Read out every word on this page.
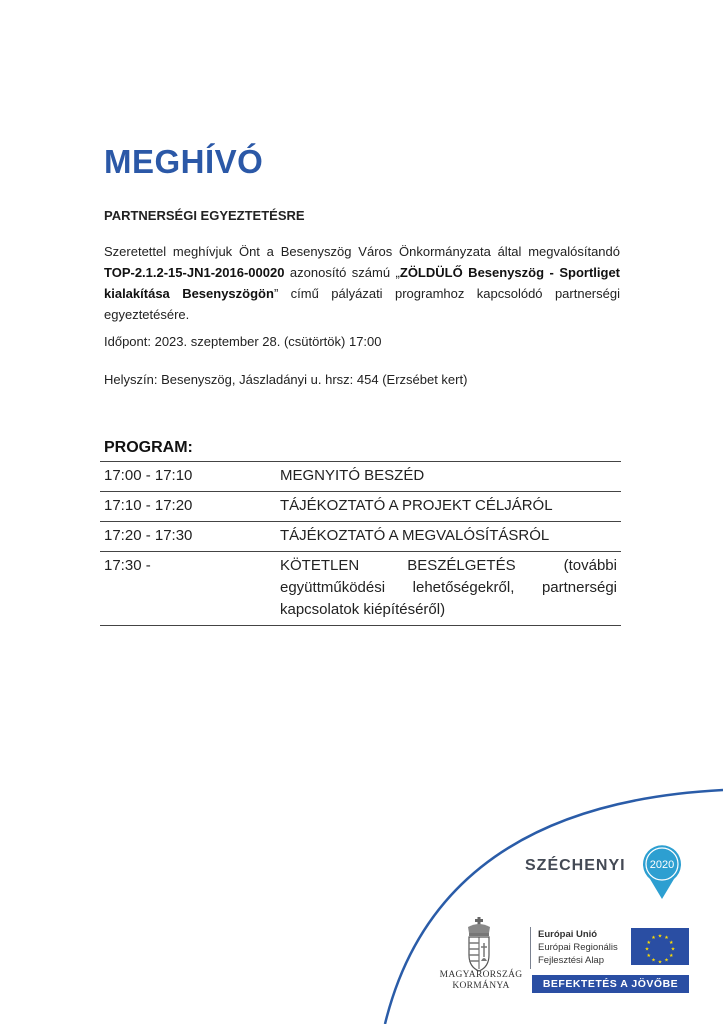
MEGHÍVÓ
PARTNERSÉGI EGYEZTETÉSRE
Szeretettel meghívjuk Önt a Besenyszög Város Önkormányzata által megvalósítandó TOP-2.1.2-15-JN1-2016-00020 azonosító számú „ZÖLDÜLŐ Besenyszög - Sportliget kialakítása Besenyszögön” című pályázati programhoz kapcsolódó partnerségi egyeztetésére.
Időpont: 2023. szeptember 28. (csütörtök) 17:00
Helyszín: Besenyszög, Jászladányi u. hrsz: 454 (Erzsébet kert)
PROGRAM:
17:00 - 17:10	MEGNYITÓ BESZÉD
17:10 - 17:20	TÁJÉKOZTATÓ A PROJEKT CÉLJÁRÓL
17:20 - 17:30	TÁJÉKOZTATÓ A MEGVALÓSÍTÁSRÓL
17:30 -	KÖTETLEN BESZÉLGETÉS (további együttműködési lehetőségekről, partnerségi kapcsolatok kiépítéséről)
SZÉCHENYI 2020
MAGYARORSZÁG
KORMÁNYA
Európai Unió
Európai Regionális
Fejlesztési Alap
★ ★
★
★
★
★
★
★
★
★
★
★
BEFEKTETÉS A JÖVŐBE
